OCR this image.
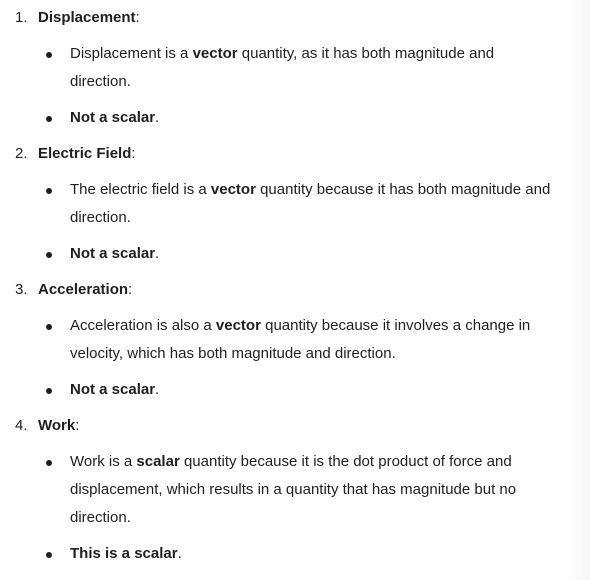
1. Displacement:
Displacement is a vector quantity, as it has both magnitude and
direction.
Not a scalar.
2. Electric Field:
The electric field is a vector quantity because it has both magnitude and
direction.
Not a scalar.
3. Acceleration:
Acceleration is also a vector quantity because it involves a change in
velocity, which has both magnitude and direction.
Not a scalar.
4. Work:
Work is a scalar quantity because it is the dot product of force and
displacement, which results in a quantity that has magnitude but no
direction.
This is a scalar.
